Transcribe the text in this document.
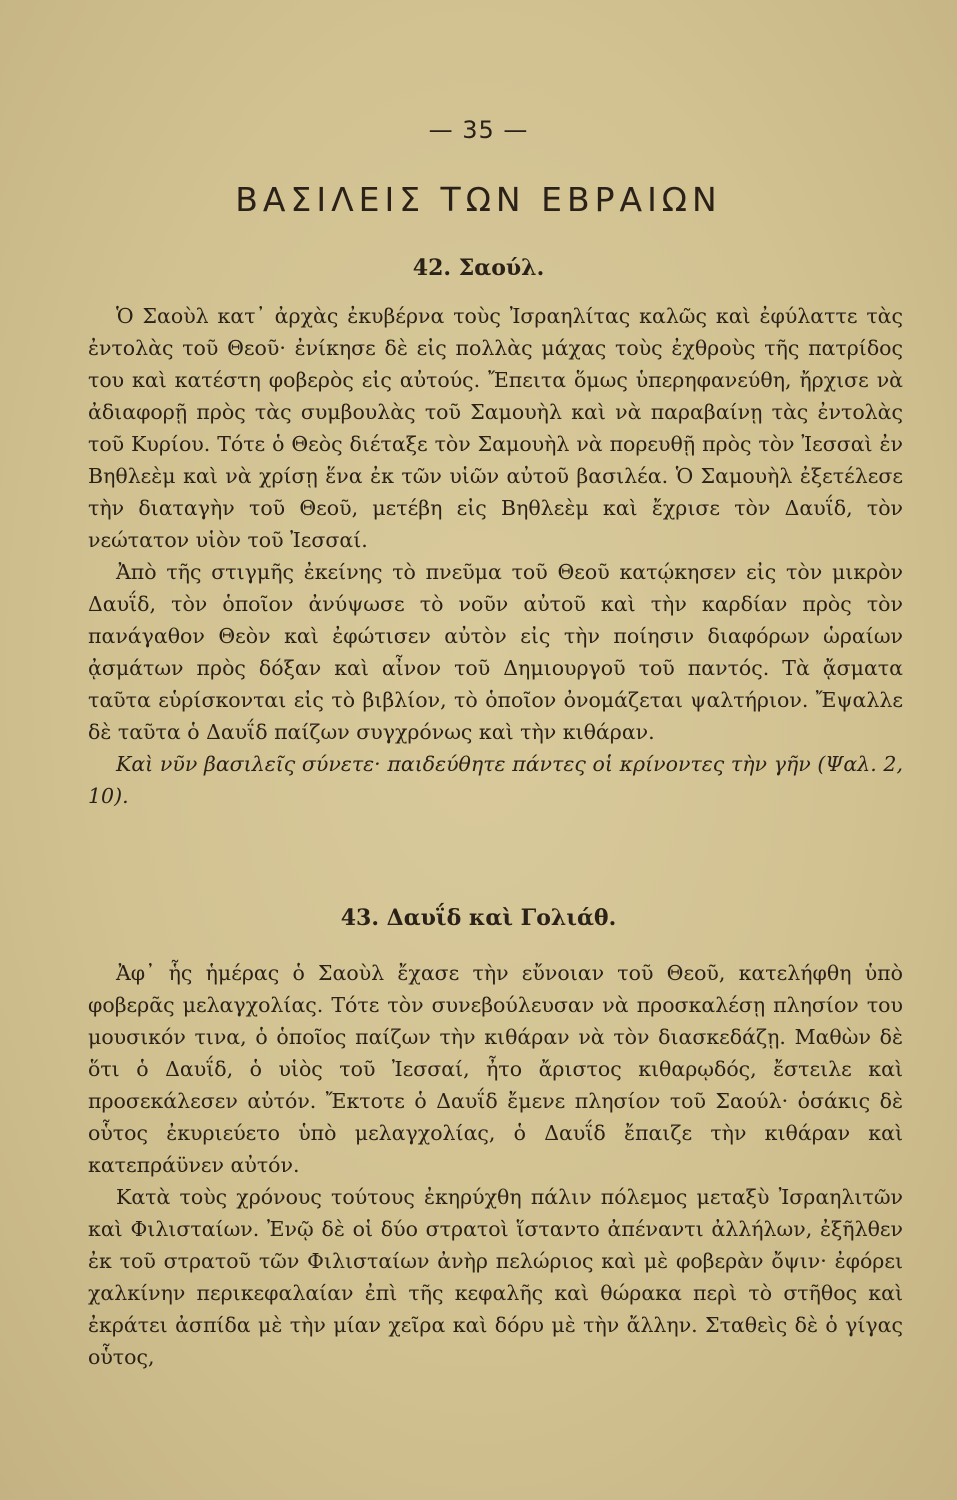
— 35 —
ΒΑΣΙΛΕΙΣ ΤΩΝ ΕΒΡΑΙΩΝ
42. Σαούλ.

Ὁ Σαοὺλ κατ᾽ ἀρχὰς ἐκυβέρνα τοὺς Ἰσραηλίτας καλῶς καὶ ἐφύλαττε τὰς ἐντολὰς τοῦ Θεοῦ· ἐνίκησε δὲ εἰς πολλὰς μάχας τοὺς ἐχθροὺς τῆς πατρίδος του καὶ κατέστη φοβερὸς εἰς αὐτούς. Ἔπειτα ὅμως ὑπερηφανεύθη, ἤρχισε νὰ ἀδιαφορῇ πρὸς τὰς συμβουλὰς τοῦ Σαμουὴλ καὶ νὰ παραβαίνῃ τὰς ἐντολὰς τοῦ Κυρίου. Τότε ὁ Θεὸς διέταξε τὸν Σαμουὴλ νὰ πορευθῇ πρὸς τὸν Ἰεσσαὶ ἐν Βηθλεὲμ καὶ νὰ χρίσῃ ἕνα ἐκ τῶν υἱῶν αὐτοῦ βασιλέα. Ὁ Σαμουὴλ ἐξετέλεσε τὴν διαταγὴν τοῦ Θεοῦ, μετέβη εἰς Βηθλεὲμ καὶ ἔχρισε τὸν Δαυΐδ, τὸν νεώτατον υἱὸν τοῦ Ἰεσσαί.

Ἀπὸ τῆς στιγμῆς ἐκείνης τὸ πνεῦμα τοῦ Θεοῦ κατῴκησεν εἰς τὸν μικρὸν Δαυΐδ, τὸν ὁποῖον ἀνύψωσε τὸ νοῦν αὐτοῦ καὶ τὴν καρδίαν πρὸς τὸν πανάγαθον Θεὸν καὶ ἐφώτισεν αὐτὸν εἰς τὴν ποίησιν διαφόρων ὡραίων ᾀσμάτων πρὸς δόξαν καὶ αἶνον τοῦ Δημιουργοῦ τοῦ παντός. Τὰ ᾄσματα ταῦτα εὑρίσκονται εἰς τὸ βιβλίον, τὸ ὁποῖον ὀνομάζεται ψαλτήριον. Ἔψαλλε δὲ ταῦτα ὁ Δαυΐδ παίζων συγχρόνως καὶ τὴν κιθάραν.

Καὶ νῦν βασιλεῖς σύνετε· παιδεύθητε πάντες οἱ κρίνοντες τὴν γῆν (Ψαλ. 2, 10).

43. Δαυΐδ καὶ Γολιάθ.

Ἀφ᾽ ἧς ἡμέρας ὁ Σαοὺλ ἔχασε τὴν εὔνοιαν τοῦ Θεοῦ, κατελήφθη ὑπὸ φοβερᾶς μελαγχολίας. Τότε τὸν συνεβούλευσαν νὰ προσκαλέσῃ πλησίον του μουσικόν τινα, ὁ ὁποῖος παίζων τὴν κιθάραν νὰ τὸν διασκεδάζῃ. Μαθὼν δὲ ὅτι ὁ Δαυΐδ, ὁ υἱὸς τοῦ Ἰεσσαί, ἦτο ἄριστος κιθαρῳδός, ἔστειλε καὶ προσεκάλεσεν αὐτόν. Ἔκτοτε ὁ Δαυΐδ ἔμενε πλησίον τοῦ Σαούλ· ὁσάκις δὲ οὗτος ἐκυριεύετο ὑπὸ μελαγχολίας, ὁ Δαυΐδ ἔπαιζε τὴν κιθάραν καὶ κατεπράϋνεν αὐτόν.

Κατὰ τοὺς χρόνους τούτους ἐκηρύχθη πάλιν πόλεμος μεταξὺ Ἰσραηλιτῶν καὶ Φιλισταίων. Ἐνῷ δὲ οἱ δύο στρατοὶ ἵσταντο ἀπέναντι ἀλλήλων, ἐξῆλθεν ἐκ τοῦ στρατοῦ τῶν Φιλισταίων ἀνὴρ πελώριος καὶ μὲ φοβερὰν ὄψιν· ἐφόρει χαλκίνην περικεφαλαίαν ἐπὶ τῆς κεφαλῆς καὶ θώρακα περὶ τὸ στῆθος καὶ ἐκράτει ἀσπίδα μὲ τὴν μίαν χεῖρα καὶ δόρυ μὲ τὴν ἄλλην. Σταθεὶς δὲ ὁ γίγας οὗτος,
